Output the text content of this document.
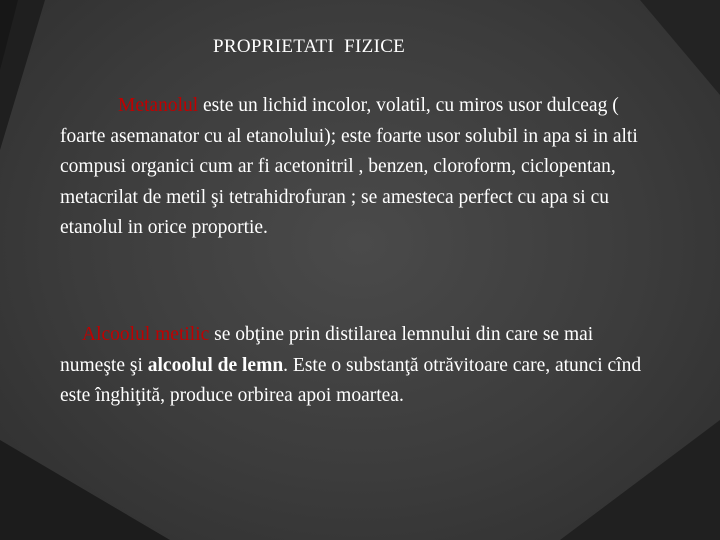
PROPRIETATI  FIZICE

Metanolul este un lichid incolor, volatil, cu miros usor dulceag ( foarte asemanator cu al etanolului); este foarte usor solubil in apa si in alti compusi organici cum ar fi acetonitril , benzen, cloroform, ciclopentan, metacrilat de metil şi tetrahidrofuran ; se amesteca perfect cu apa si cu etanolul in orice proportie.

Alcoolul metilic se obţine prin distilarea lemnului din care se mai numeşte şi alcoolul de lemn. Este o substanţă otrăvitoare care, atunci cînd este înghiţită, produce orbirea apoi moartea.
